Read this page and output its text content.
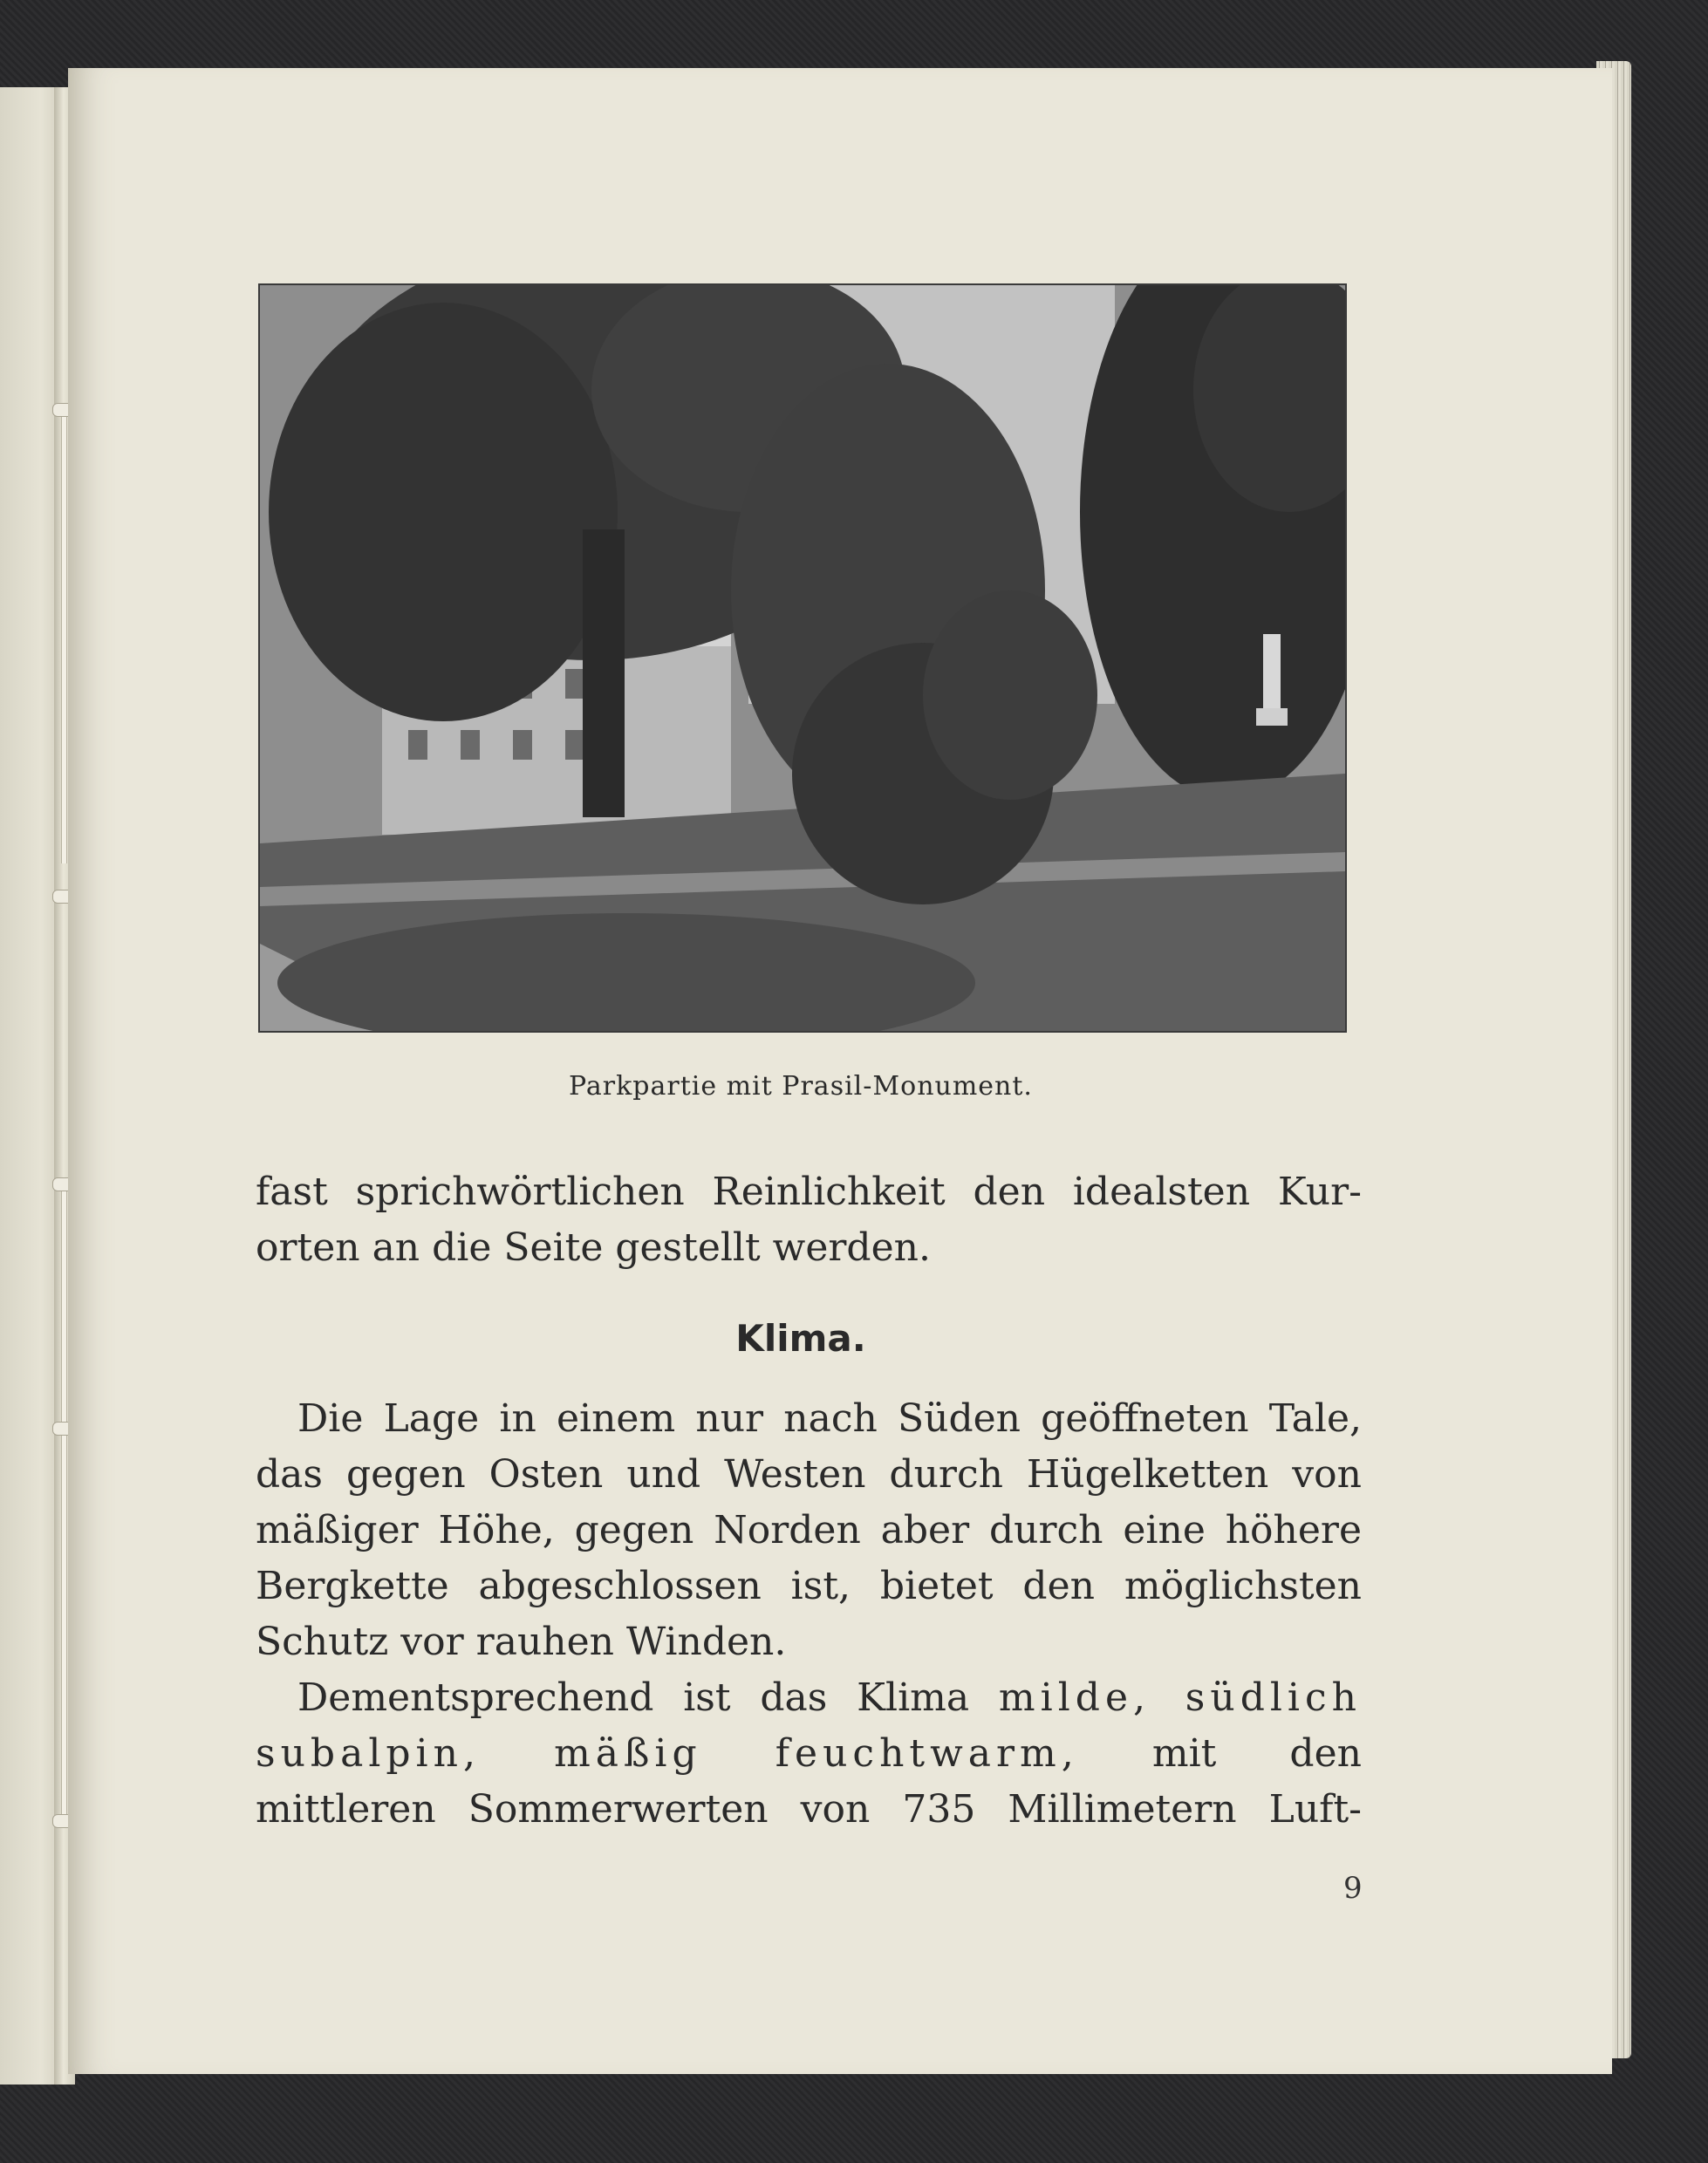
Parkpartie mit Prasil-Monument.
fast sprichwörtlichen Reinlichkeit den idealsten Kur-
orten an die Seite gestellt werden.
Klima.
Die Lage in einem nur nach Süden geöffneten Tale,
das gegen Osten und Westen durch Hügelketten von
mäßiger Höhe, gegen Norden aber durch eine höhere
Bergkette abgeschlossen ist, bietet den möglichsten
Schutz vor rauhen Winden.
Dementsprechend ist das Klima milde, südlich
subalpin, mäßig feuchtwarm, mit den
mittleren Sommerwerten von 735 Millimetern Luft-
9
